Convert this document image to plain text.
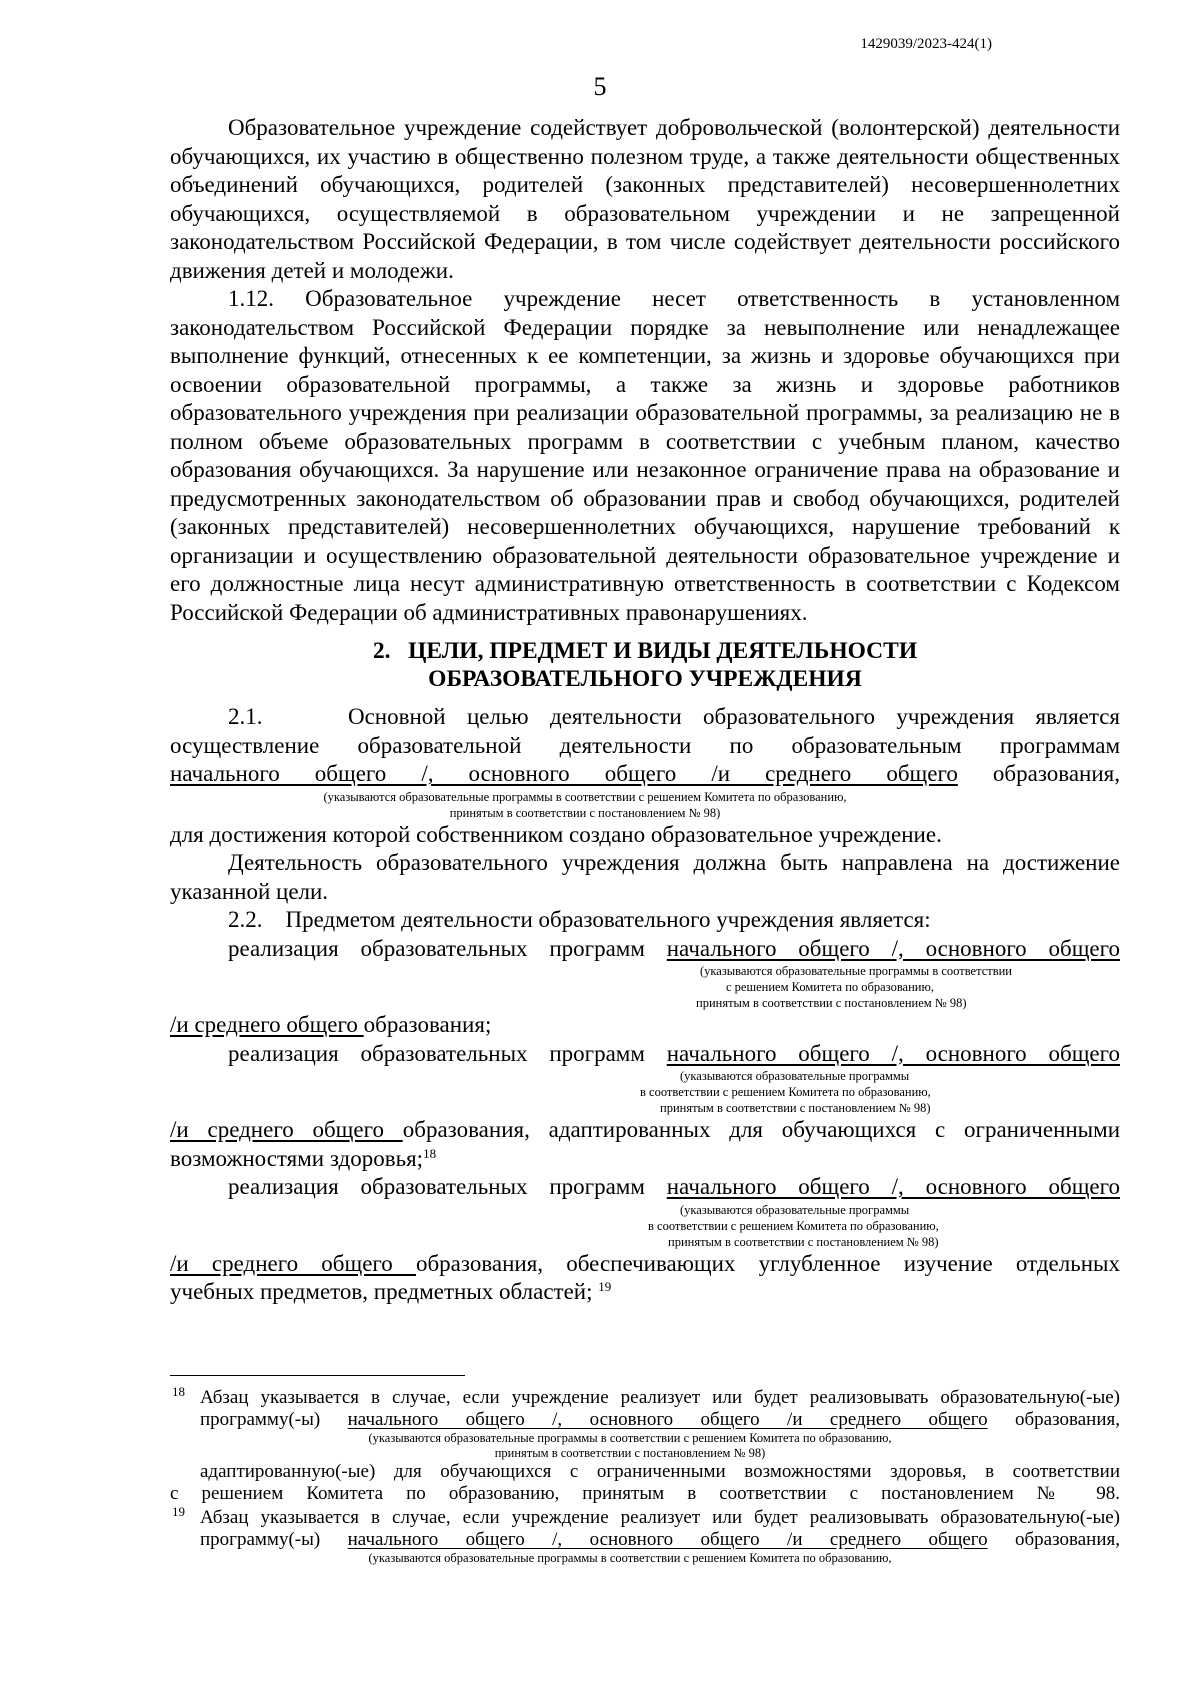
1429039/2023-424(1)
5

Образовательное учреждение содействует добровольческой (волонтерской) деятельности обучающихся, их участию в общественно полезном труде, а также деятельности общественных объединений обучающихся, родителей (законных представителей) несовершеннолетних обучающихся, осуществляемой в образовательном учреждении и не запрещенной законодательством Российской Федерации, в том числе содействует деятельности российского движения детей и молодежи.

1.12. Образовательное учреждение несет ответственность в установленном законодательством Российской Федерации порядке за невыполнение или ненадлежащее выполнение функций, отнесенных к ее компетенции, за жизнь и здоровье обучающихся при освоении образовательной программы, а также за жизнь и здоровье работников образовательного учреждения при реализации образовательной программы, за реализацию не в полном объеме образовательных программ в соответствии с учебным планом, качество образования обучающихся. За нарушение или незаконное ограничение права на образование и предусмотренных законодательством об образовании прав и свобод обучающихся, родителей (законных представителей) несовершеннолетних обучающихся, нарушение требований к организации и осуществлению образовательной деятельности образовательное учреждение и его должностные лица несут административную ответственность в соответствии с Кодексом Российской Федерации об административных правонарушениях.

2.   ЦЕЛИ, ПРЕДМЕТ И ВИДЫ ДЕЯТЕЛЬНОСТИ
ОБРАЗОВАТЕЛЬНОГО УЧРЕЖДЕНИЯ

2.1.    Основной целью деятельности образовательного учреждения является
осуществление образовательной деятельности по образовательным программам
начального общего /, основного общего /и среднего общего образования,

(указываются образовательные программы в соответствии с решением Комитета по образованию,
принятым в соответствии с постановлением № 98)

для достижения которой собственником создано образовательное учреждение.

Деятельность образовательного учреждения должна быть направлена на достижение указанной цели.

2.2.    Предметом деятельности образовательного учреждения является:

реализация образовательных программ начального общего /, основного общего

(указываются образовательные программы в соответствии
с решением Комитета по образованию,
принятым в соответствии с постановлением № 98)

/и среднего общего образования;

реализация образовательных программ начального общего /, основного общего

(указываются образовательные программы
в соответствии с решением Комитета по образованию,
принятым в соответствии с постановлением № 98)

/и среднего общего образования, адаптированных для обучающихся с ограниченными
возможностями здоровья;$^{18}$

реализация образовательных программ начального общего /, основного общего

(указываются образовательные программы
в соответствии с решением Комитета по образованию,
принятым в соответствии с постановлением № 98)

/и среднего общего образования, обеспечивающих углубленное изучение отдельных
учебных предметов, предметных областей; $^{19}$

18 Абзац указывается в случае, если учреждение реализует или будет реализовывать образовательную(-ые)
программу(-ы) начального общего /, основного общего /и среднего общего образования,
(указываются образовательные программы в соответствии с решением Комитета по образованию,
принятым в соответствии с постановлением № 98)
адаптированную(-ые) для обучающихся с ограниченными возможностями здоровья, в соответствии
с решением Комитета по образованию, принятым в соответствии с постановлением № 98.
19 Абзац указывается в случае, если учреждение реализует или будет реализовывать образовательную(-ые)
программу(-ы) начального общего /, основного общего /и среднего общего образования,
(указываются образовательные программы в соответствии с решением Комитета по образованию,
